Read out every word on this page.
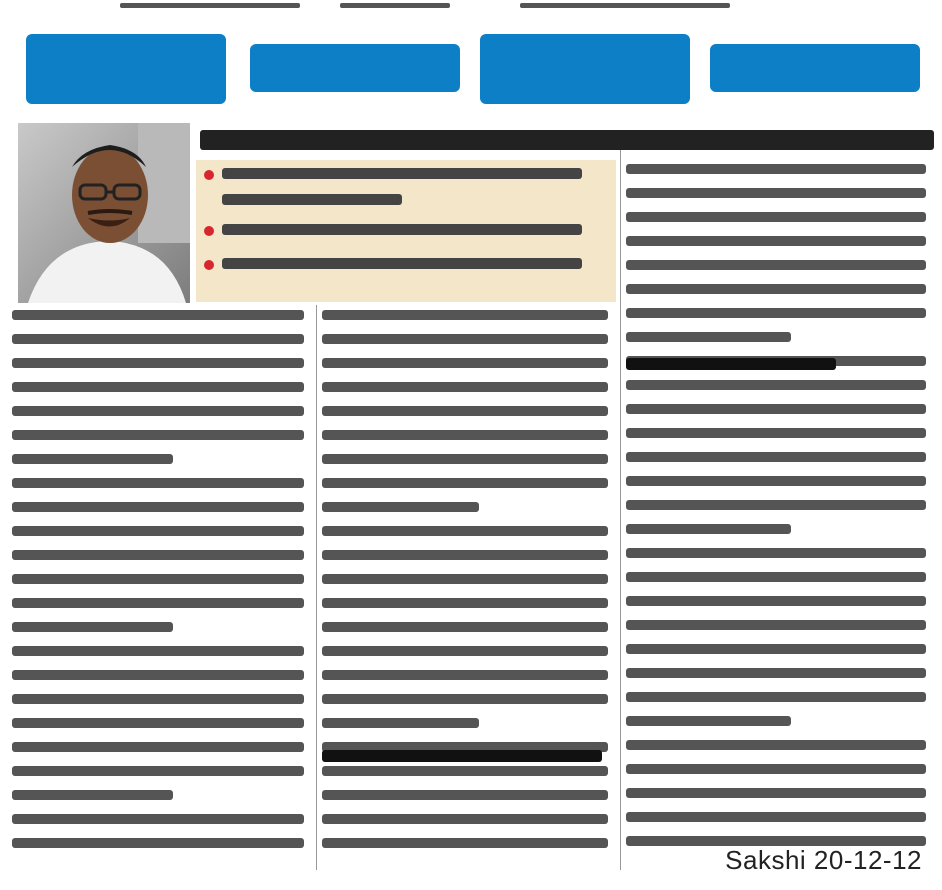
Sakshi 20-12-12
